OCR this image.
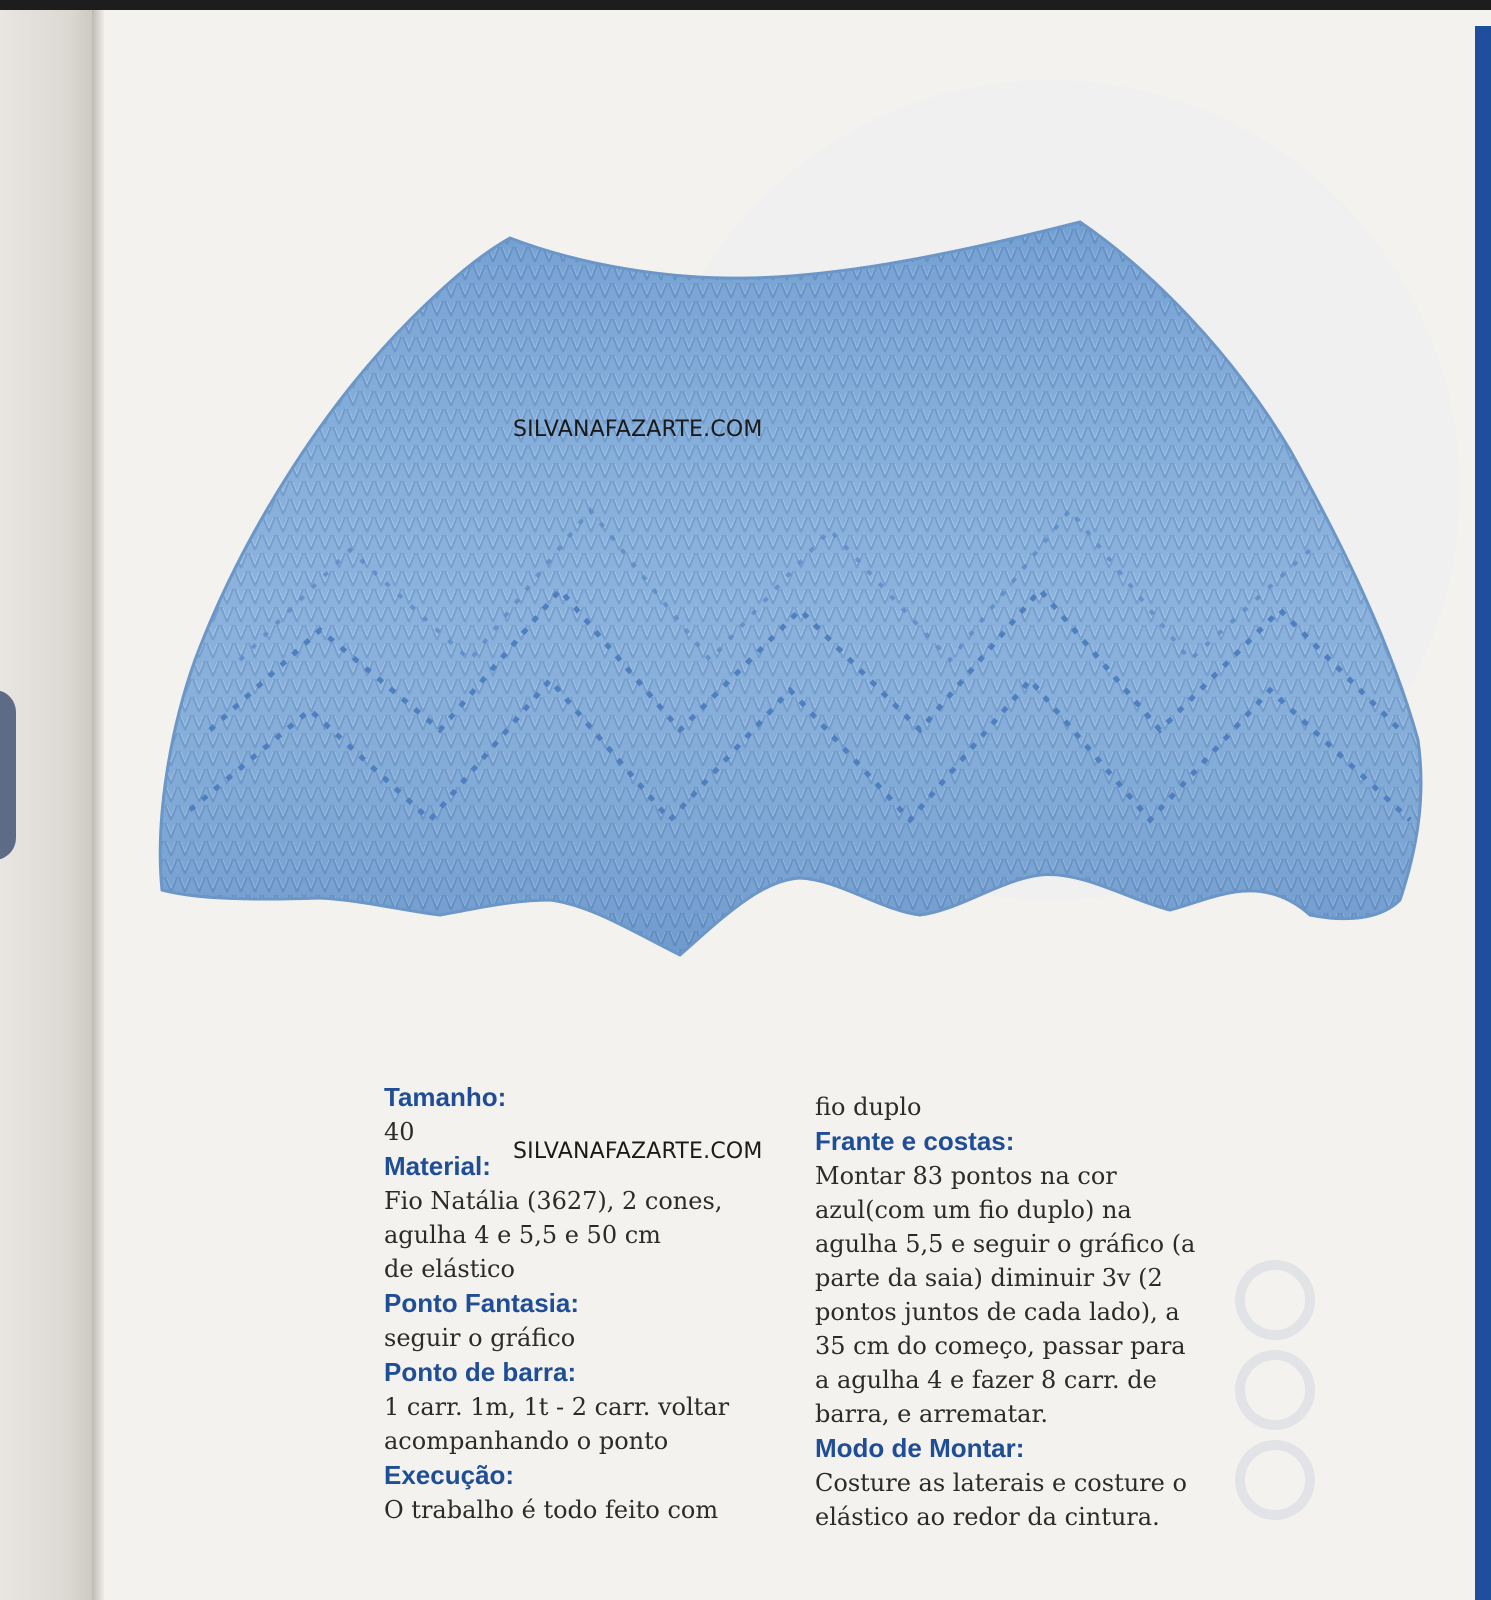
SILVANAFAZARTE.COM
SILVANAFAZARTE.COM
Tamanho:
40
Material:
Fio Natália (3627), 2 cones,
agulha 4 e 5,5 e 50 cm
de elástico
Ponto Fantasia:
seguir o gráfico
Ponto de barra:
1 carr. 1m, 1t - 2 carr. voltar
acompanhando o ponto
Execução:
O trabalho é todo feito com
fio duplo
Frante e costas:
Montar 83 pontos na cor
azul(com um fio duplo) na
agulha 5,5 e seguir o gráfico (a
parte da saia) diminuir 3v (2
pontos juntos de cada lado), a
35 cm do começo, passar para
a agulha 4 e fazer 8 carr. de
barra, e arrematar.
Modo de Montar:
Costure as laterais e costure o
elástico ao redor da cintura.
